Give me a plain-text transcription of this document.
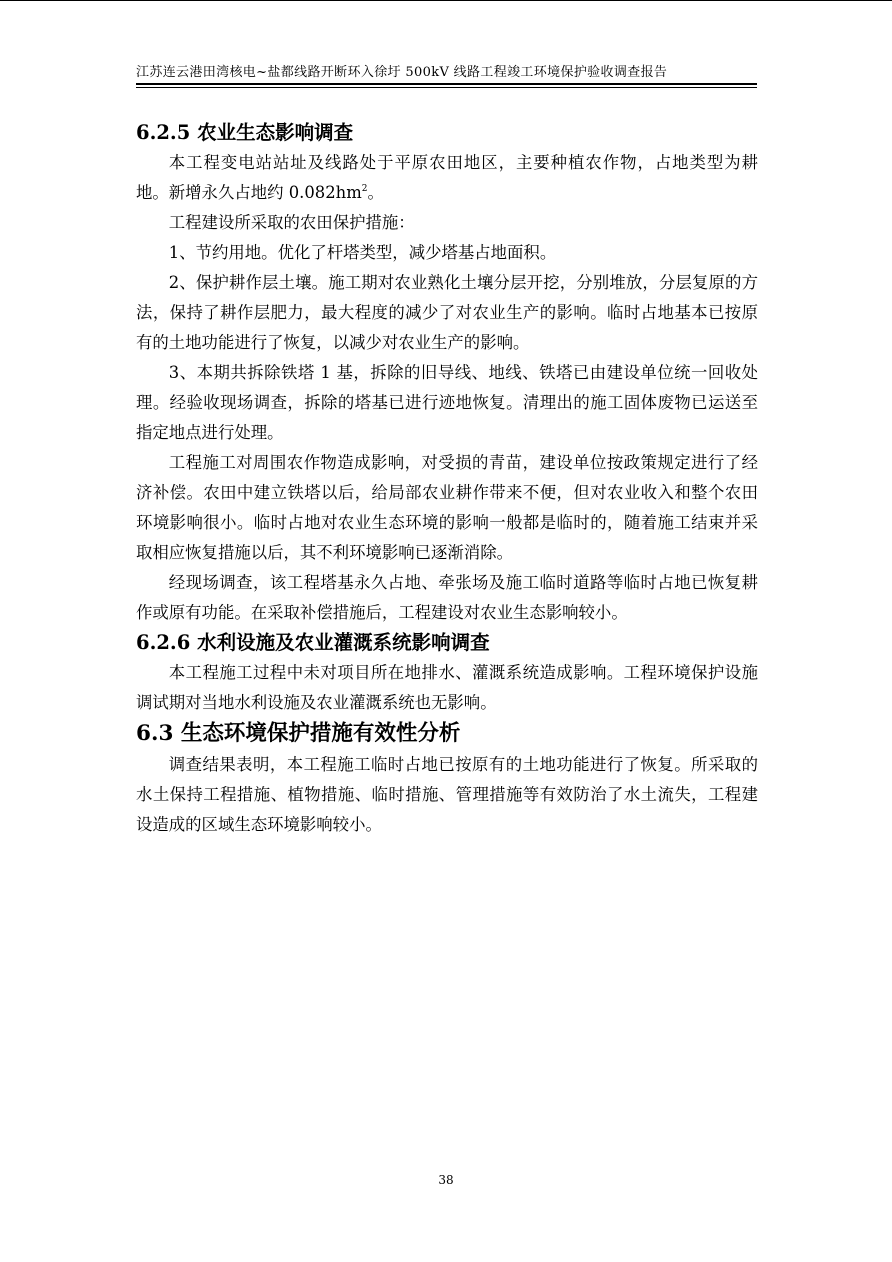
江苏连云港田湾核电~盐都线路开断环入徐圩 500kV 线路工程竣工环境保护验收调查报告
6.2.5 农业生态影响调查

本工程变电站站址及线路处于平原农田地区，主要种植农作物，占地类型为耕地。新增永久占地约 $0.082hm^2$。

工程建设所采取的农田保护措施：

1、节约用地。优化了杆塔类型，减少塔基占地面积。

2、保护耕作层土壤。施工期对农业熟化土壤分层开挖，分别堆放，分层复原的方法，保持了耕作层肥力，最大程度的减少了对农业生产的影响。临时占地基本已按原有的土地功能进行了恢复，以减少对农业生产的影响。

3、本期共拆除铁塔 1 基，拆除的旧导线、地线、铁塔已由建设单位统一回收处理。经验收现场调查，拆除的塔基已进行迹地恢复。清理出的施工固体废物已运送至指定地点进行处理。

工程施工对周围农作物造成影响，对受损的青苗，建设单位按政策规定进行了经济补偿。农田中建立铁塔以后，给局部农业耕作带来不便，但对农业收入和整个农田环境影响很小。临时占地对农业生态环境的影响一般都是临时的，随着施工结束并采取相应恢复措施以后，其不利环境影响已逐渐消除。

经现场调查，该工程塔基永久占地、牵张场及施工临时道路等临时占地已恢复耕作或原有功能。在采取补偿措施后，工程建设对农业生态影响较小。

6.2.6 水利设施及农业灌溉系统影响调查

本工程施工过程中未对项目所在地排水、灌溉系统造成影响。工程环境保护设施调试期对当地水利设施及农业灌溉系统也无影响。

6.3 生态环境保护措施有效性分析

调查结果表明，本工程施工临时占地已按原有的土地功能进行了恢复。所采取的水土保持工程措施、植物措施、临时措施、管理措施等有效防治了水土流失，工程建设造成的区域生态环境影响较小。

38
